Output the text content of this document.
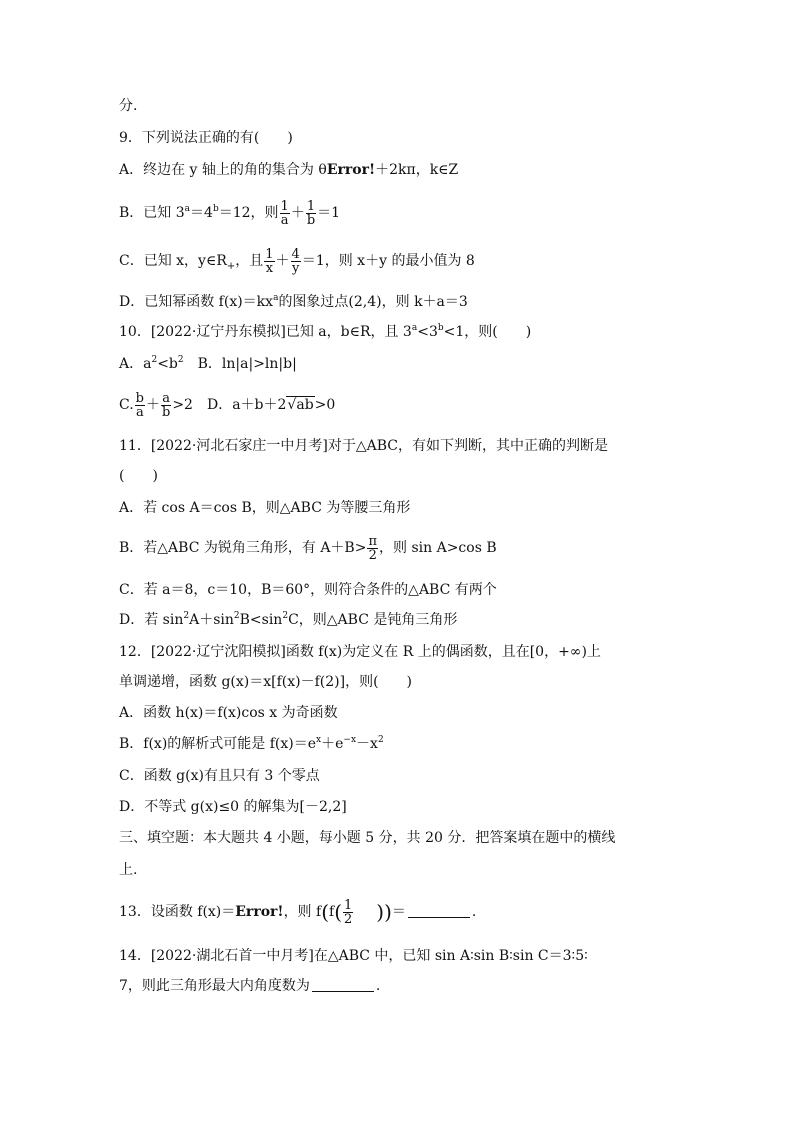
分.
9．下列说法正确的有(　　)
A．终边在 y 轴上的角的集合为 θError!＋2kπ，k∈Z
B．已知 $3^a=4^b=12$，则 $\frac{1}{a} + \frac{1}{b} =1$
C．已知 x，$y\in R_+$，且 $\frac{1}{x} + \frac{4}{y} =1$，则 x＋y 的最小值为 8
D．已知幂函数 $f(x)=kx^a$的图象过点(2,4)，则 k＋a＝3
10．[2022·辽宁丹东模拟]已知 a，b∈R，且 $3^a<3^b<1$，则(　　)
A．$a^2<b^2$　B．ln|a|>ln|b|
C. $\frac{b}{a} + \frac{a}{b} >2$　D．a＋b＋2√ab>0
11．[2022·河北石家庄一中月考]对于△ABC，有如下判断，其中正确的判断是
(　　)
A．若 cos A＝cos B，则△ABC 为等腰三角形
B．若△ABC 为锐角三角形，有 $A+B> \frac{\pi}{2}$ ，则 sin A>cos B
C．若 a＝8，c＝10，B＝60°，则符合条件的△ABC 有两个
D．若 $\sin^2A+\sin^2B<\sin^2C$，则△ABC 是钝角三角形
12．[2022·辽宁沈阳模拟]函数 f(x)为定义在 R 上的偶函数，且在[0，+∞)上
单调递增，函数 g(x)＝x[f(x)－f(2)]，则(　　)
A．函数 h(x)＝f(x)cos x 为奇函数
B．f(x)的解析式可能是 $f(x)=e^x+e^{-x}-x^2$
C．函数 g(x)有且只有 3 个零点
D．不等式 g(x)≤0 的解集为[－2,2]
三、填空题：本大题共 4 小题，每小题 5 分，共 20 分．把答案填在题中的横线
上.
13．设函数 f(x)＝Error!，则 $f(f( \frac{1}{2}$ ))＝	.
14．[2022·湖北石首一中月考]在△ABC 中，已知 sin A∶sin B∶sin C＝3∶5∶
7，则此三角形最大内角度数为	.
